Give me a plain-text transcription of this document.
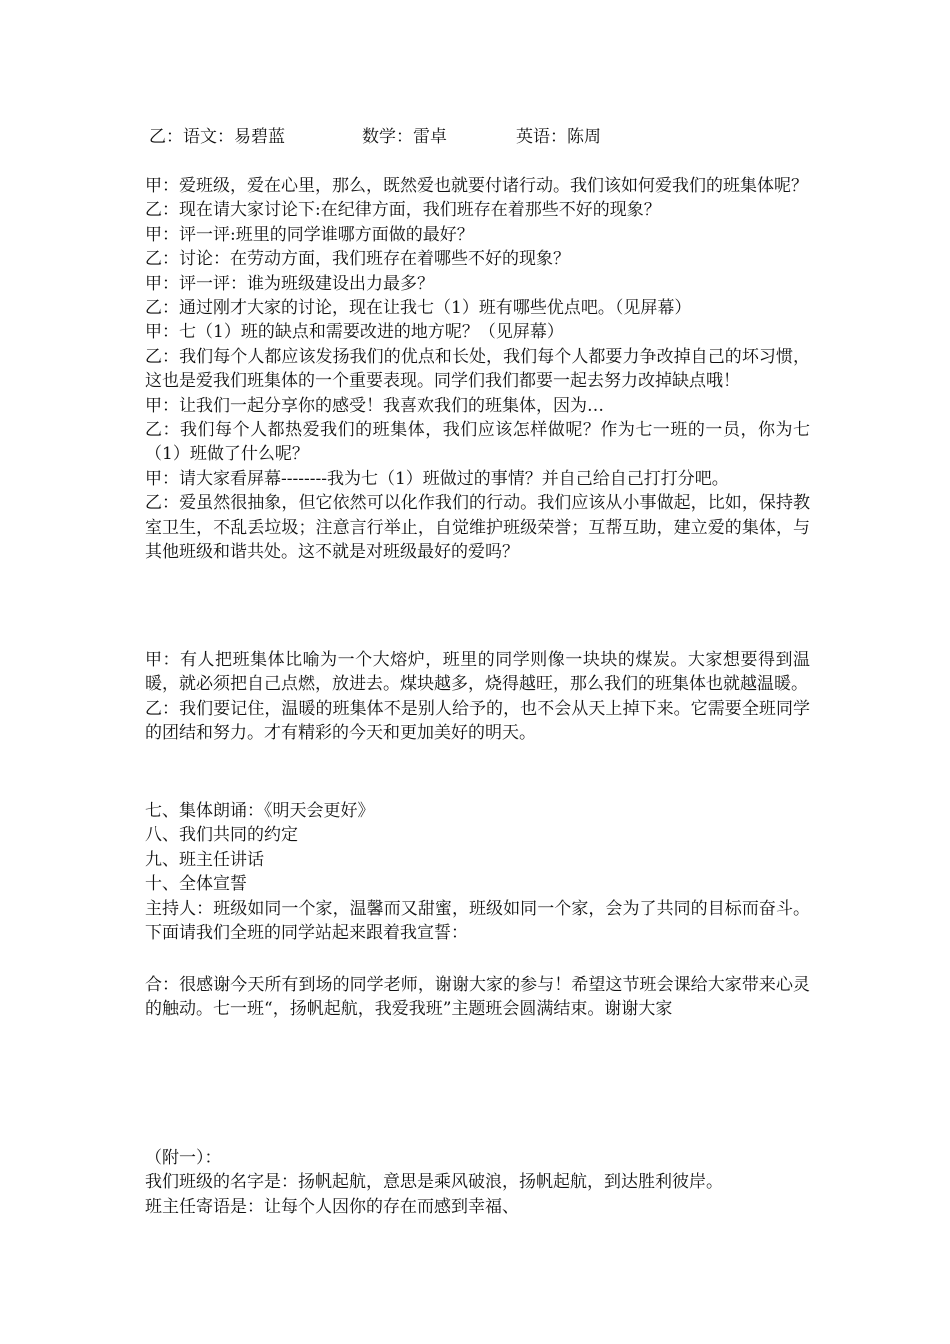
乙：语文：易碧蓝	数学：雷卓	英语：陈周

甲：爱班级，爱在心里，那么，既然爱也就要付诸行动。我们该如何爱我们的班集体呢？

乙：现在请大家讨论下:在纪律方面，我们班存在着那些不好的现象？

甲：评一评:班里的同学谁哪方面做的最好？

乙：讨论：在劳动方面，我们班存在着哪些不好的现象？

甲：评一评：谁为班级建设出力最多？

乙：通过刚才大家的讨论，现在让我七（1）班有哪些优点吧。（见屏幕）

甲：七（1）班的缺点和需要改进的地方呢？（见屏幕）

乙：我们每个人都应该发扬我们的优点和长处，我们每个人都要力争改掉自己的坏习惯，这也是爱我们班集体的一个重要表现。同学们我们都要一起去努力改掉缺点哦！

甲：让我们一起分享你的感受！我喜欢我们的班集体，因为…

乙：我们每个人都热爱我们的班集体，我们应该怎样做呢？作为七一班的一员，你为七（1）班做了什么呢？

甲：请大家看屏幕--------我为七（1）班做过的事情？并自己给自己打打分吧。

乙：爱虽然很抽象，但它依然可以化作我们的行动。我们应该从小事做起，比如，保持教室卫生，不乱丢垃圾；注意言行举止，自觉维护班级荣誉；互帮互助，建立爱的集体，与其他班级和谐共处。这不就是对班级最好的爱吗？

甲：有人把班集体比喻为一个大熔炉，班里的同学则像一块块的煤炭。大家想要得到温暖，就必须把自己点燃，放进去。煤块越多，烧得越旺，那么我们的班集体也就越温暖。

乙：我们要记住，温暖的班集体不是别人给予的，也不会从天上掉下来。它需要全班同学的团结和努力。才有精彩的今天和更加美好的明天。

七、集体朗诵：《明天会更好》

八、我们共同的约定

九、班主任讲话

十、全体宣誓

主持人：班级如同一个家，温馨而又甜蜜，班级如同一个家，会为了共同的目标而奋斗。下面请我们全班的同学站起来跟着我宣誓：

合：很感谢今天所有到场的同学老师，谢谢大家的参与！希望这节班会课给大家带来心灵的触动。七一班“，扬帆起航，我爱我班”主题班会圆满结束。谢谢大家

（附一）：

我们班级的名字是：扬帆起航，意思是乘风破浪，扬帆起航，到达胜利彼岸。

班主任寄语是：让每个人因你的存在而感到幸福、
